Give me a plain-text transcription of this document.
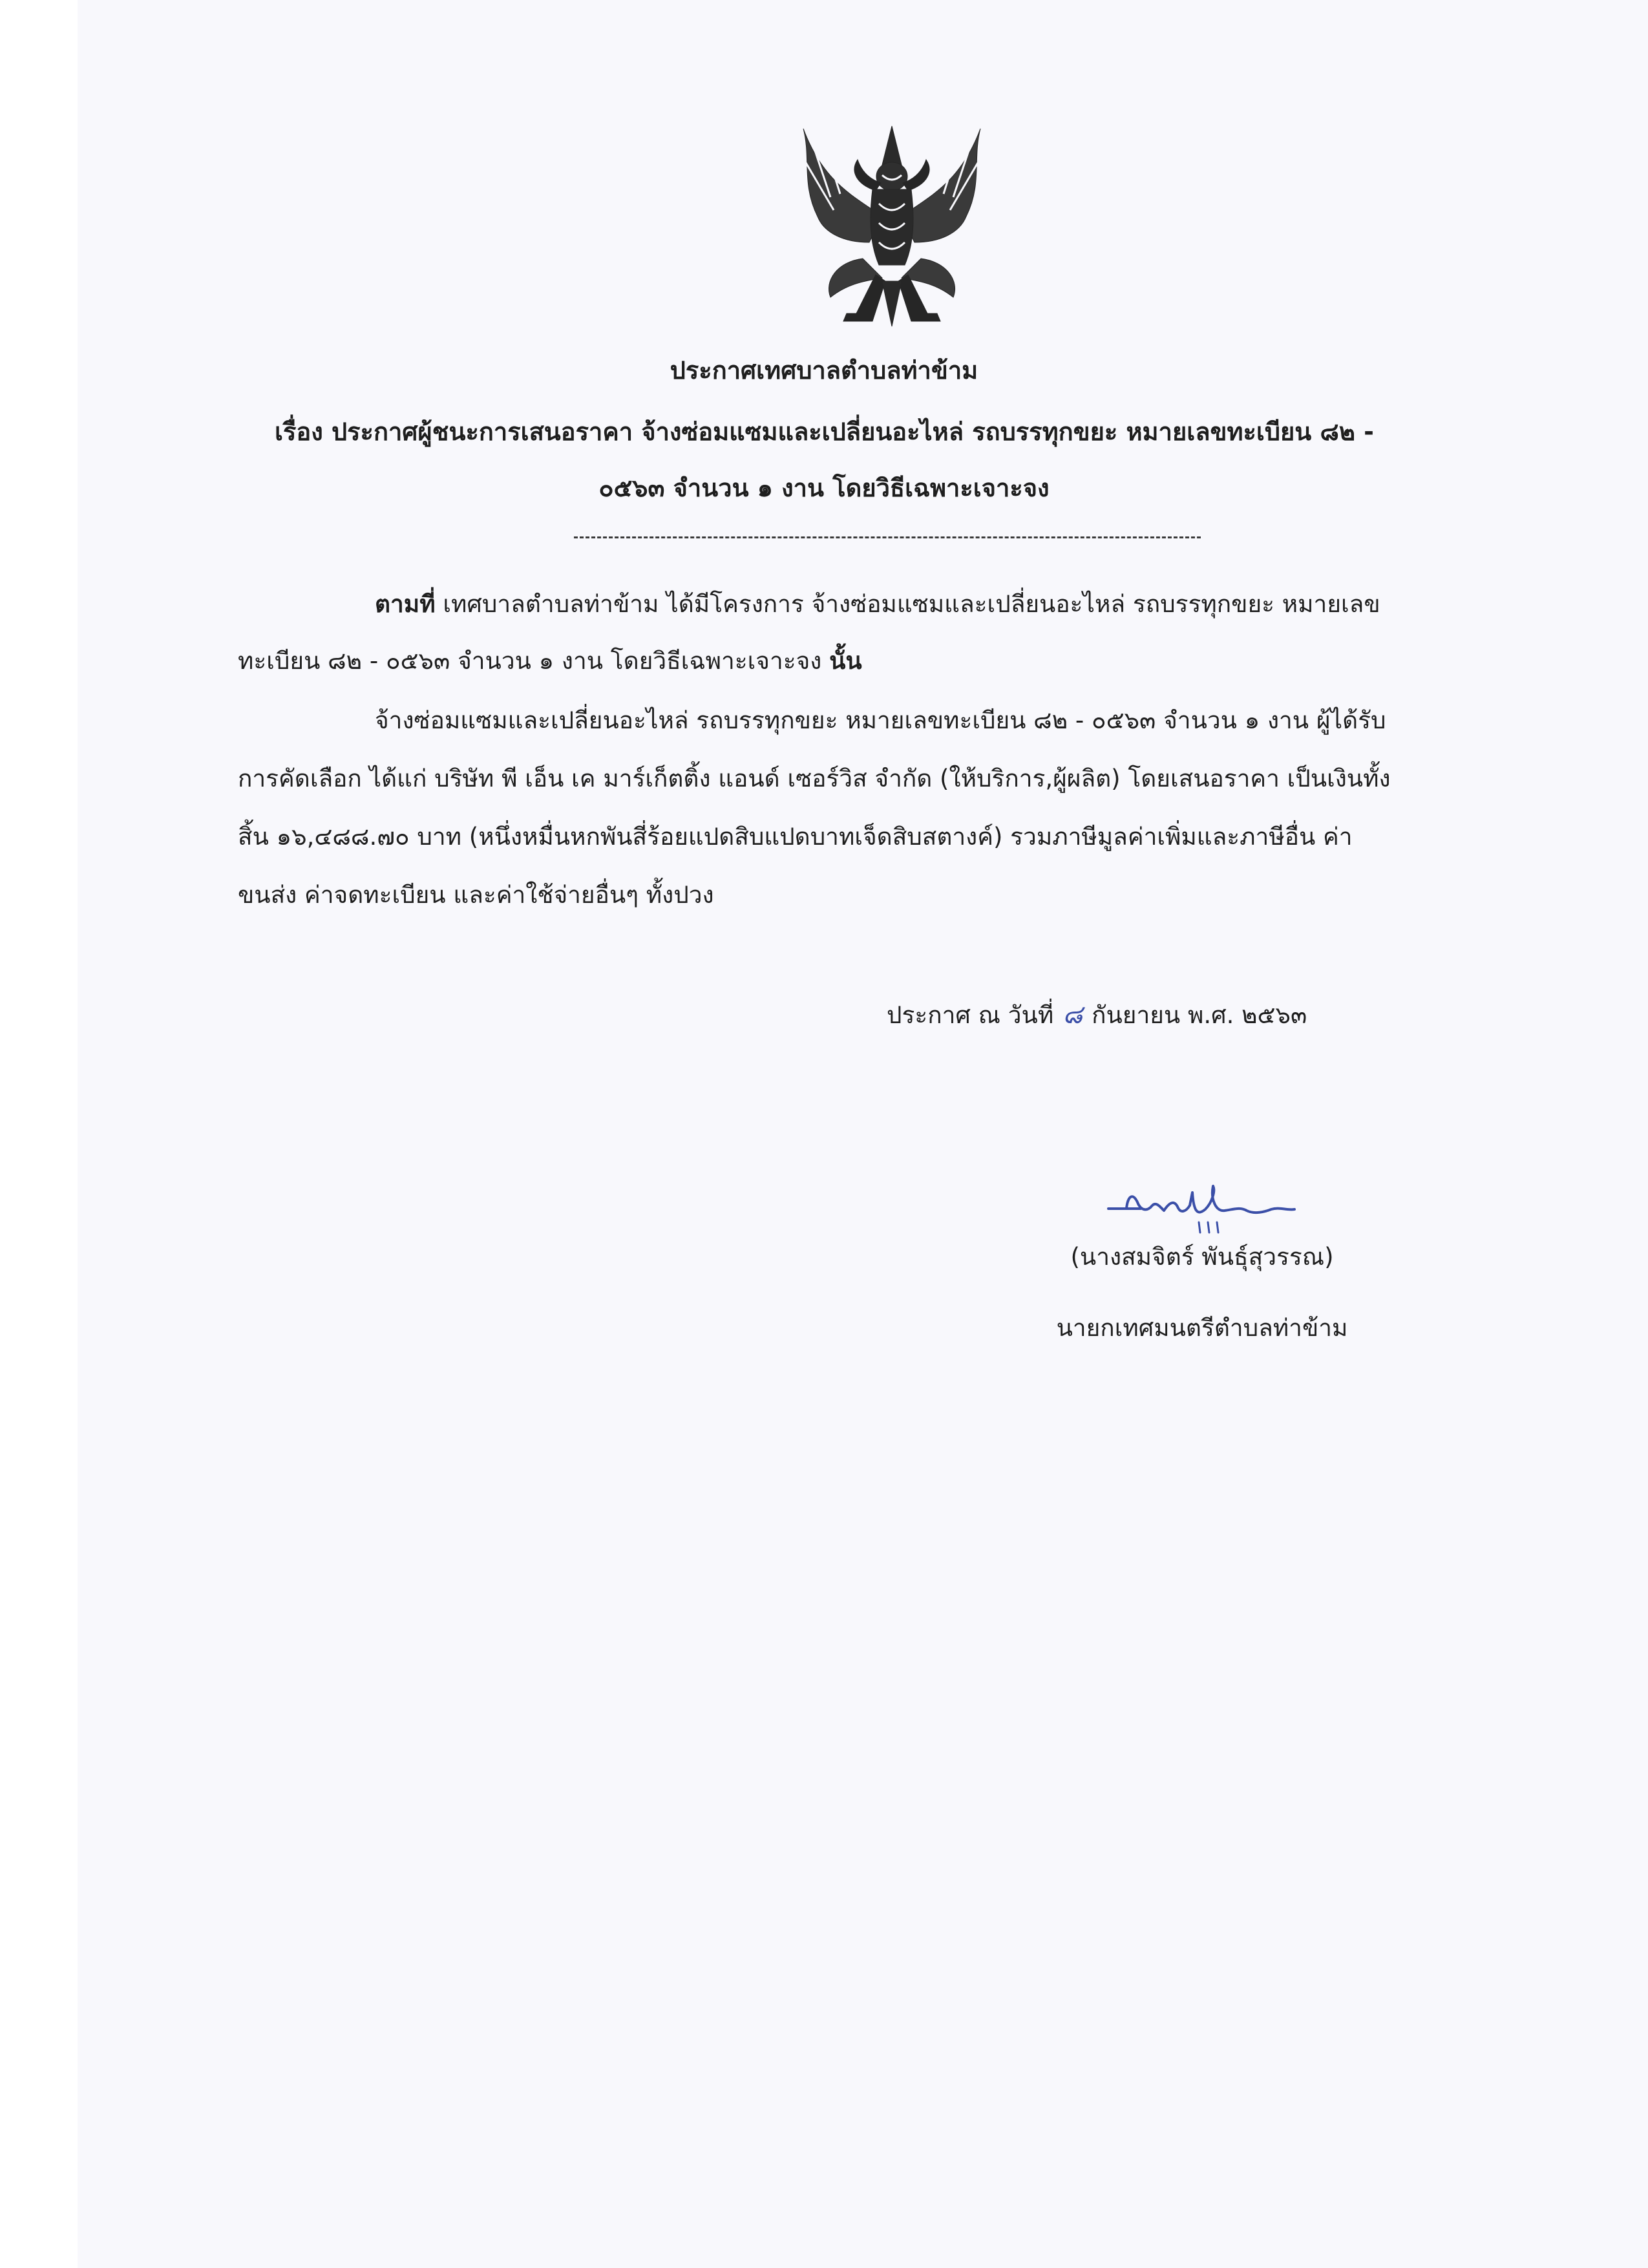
ประกาศเทศบาลตำบลท่าข้าม
เรื่อง ประกาศผู้ชนะการเสนอราคา จ้างซ่อมแซมและเปลี่ยนอะไหล่ รถบรรทุกขยะ หมายเลขทะเบียน ๘๒ -
๐๕๖๓ จำนวน ๑ งาน โดยวิธีเฉพาะเจาะจง
ตามที่ เทศบาลตำบลท่าข้าม ได้มีโครงการ จ้างซ่อมแซมและเปลี่ยนอะไหล่ รถบรรทุกขยะ หมายเลข
ทะเบียน ๘๒ - ๐๕๖๓ จำนวน ๑ งาน โดยวิธีเฉพาะเจาะจง นั้น
จ้างซ่อมแซมและเปลี่ยนอะไหล่ รถบรรทุกขยะ หมายเลขทะเบียน ๘๒ - ๐๕๖๓ จำนวน ๑ งาน ผู้ได้รับ
การคัดเลือก ได้แก่ บริษัท พี เอ็น เค มาร์เก็ตติ้ง แอนด์ เซอร์วิส จำกัด (ให้บริการ,ผู้ผลิต) โดยเสนอราคา เป็นเงินทั้ง
สิ้น ๑๖,๔๘๘.๗๐ บาท (หนึ่งหมื่นหกพันสี่ร้อยแปดสิบแปดบาทเจ็ดสิบสตางค์) รวมภาษีมูลค่าเพิ่มและภาษีอื่น ค่า
ขนส่ง ค่าจดทะเบียน และค่าใช้จ่ายอื่นๆ ทั้งปวง
ประกาศ ณ วันที่ ๘ กันยายน พ.ศ. ๒๕๖๓
(นางสมจิตร์ พันธุ์สุวรรณ)
นายกเทศมนตรีตำบลท่าข้าม
